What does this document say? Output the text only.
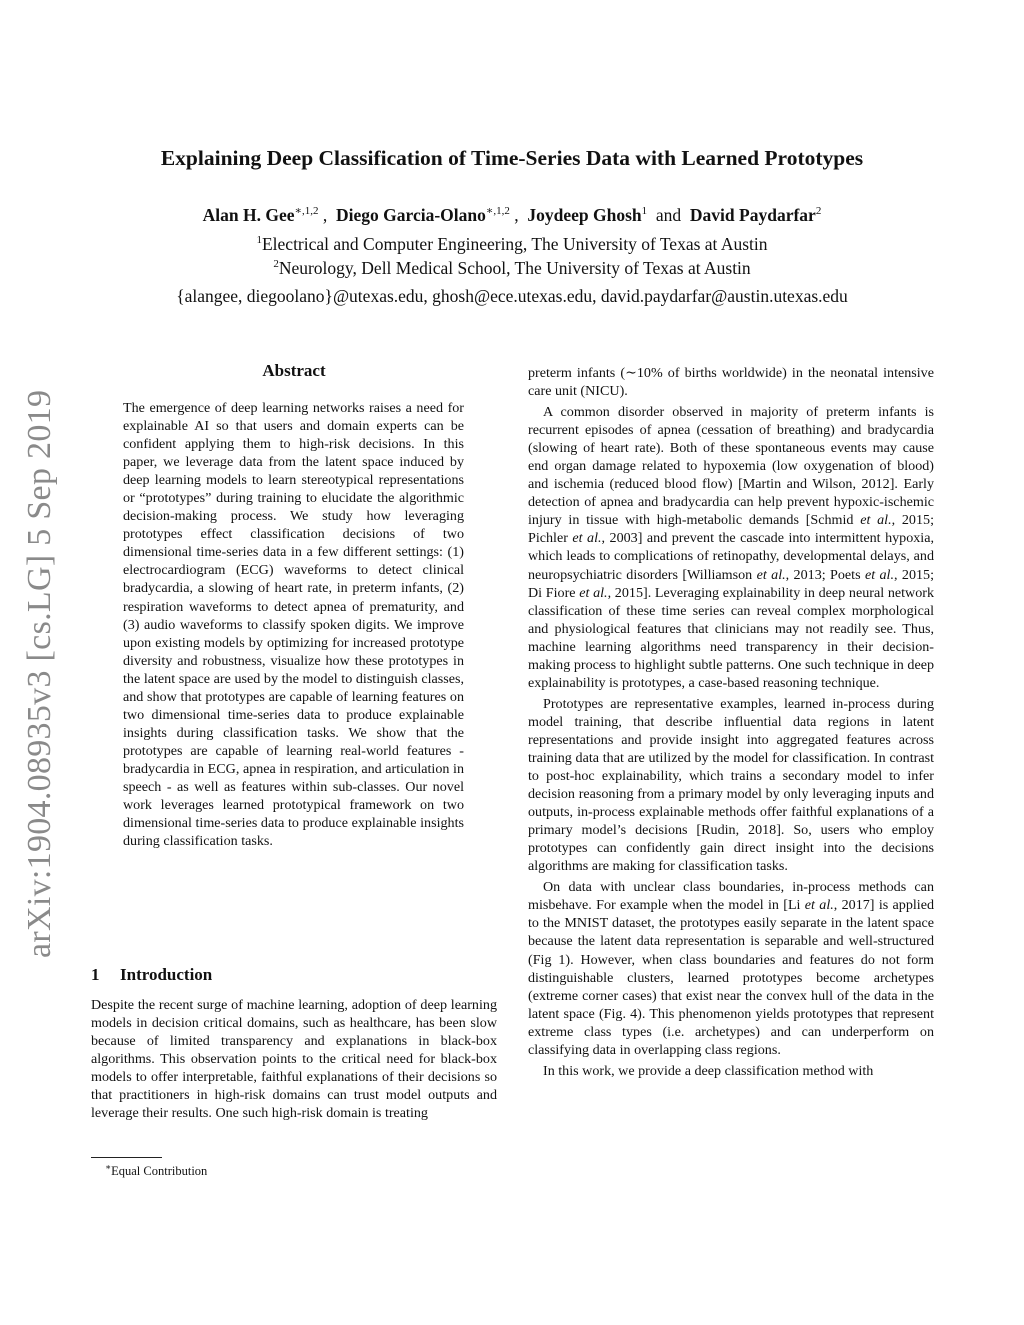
arXiv:1904.08935v3 [cs.LG] 5 Sep 2019
Explaining Deep Classification of Time-Series Data with Learned Prototypes
Alan H. Gee$^{∗,1,2}$ , Diego Garcia-Olano$^{∗,1,2}$ , Joydeep Ghosh$^1$ and David Paydarfar$^2$
$^1$Electrical and Computer Engineering, The University of Texas at Austin
$^2$Neurology, Dell Medical School, The University of Texas at Austin
{alangee, diegoolano}@utexas.edu, ghosh@ece.utexas.edu, david.paydarfar@austin.utexas.edu
Abstract
The emergence of deep learning networks raises a need for explainable AI so that users and domain experts can be confident applying them to high-risk decisions. In this paper, we leverage data from the latent space induced by deep learning models to learn stereotypical representations or “prototypes” during training to elucidate the algorithmic decision-making process. We study how leveraging prototypes effect classification decisions of two dimensional time-series data in a few different settings: (1) electrocardiogram (ECG) waveforms to detect clinical bradycardia, a slowing of heart rate, in preterm infants, (2) respiration waveforms to detect apnea of prematurity, and (3) audio waveforms to classify spoken digits. We improve upon existing models by optimizing for increased prototype diversity and robustness, visualize how these prototypes in the latent space are used by the model to distinguish classes, and show that prototypes are capable of learning features on two dimensional time-series data to produce explainable insights during classification tasks. We show that the prototypes are capable of learning real-world features - bradycardia in ECG, apnea in respiration, and articulation in speech - as well as features within sub-classes. Our novel work leverages learned prototypical framework on two dimensional time-series data to produce explainable insights during classification tasks.
1 Introduction

Despite the recent surge of machine learning, adoption of deep learning models in decision critical domains, such as healthcare, has been slow because of limited transparency and explanations in black-box algorithms. This observation points to the critical need for black-box models to offer interpretable, faithful explanations of their decisions so that practitioners in high-risk domains can trust model outputs and leverage their results. One such high-risk domain is treating

preterm infants (∼10% of births worldwide) in the neonatal intensive care unit (NICU).

A common disorder observed in majority of preterm infants is recurrent episodes of apnea (cessation of breathing) and bradycardia (slowing of heart rate). Both of these spontaneous events may cause end organ damage related to hypoxemia (low oxygenation of blood) and ischemia (reduced blood flow) [Martin and Wilson, 2012]. Early detection of apnea and bradycardia can help prevent hypoxic-ischemic injury in tissue with high-metabolic demands [Schmid et al., 2015; Pichler et al., 2003] and prevent the cascade into intermittent hypoxia, which leads to complications of retinopathy, developmental delays, and neuropsychiatric disorders [Williamson et al., 2013; Poets et al., 2015; Di Fiore et al., 2015]. Leveraging explainability in deep neural network classification of these time series can reveal complex morphological and physiological features that clinicians may not readily see. Thus, machine learning algorithms need transparency in their decision-making process to highlight subtle patterns. One such technique in deep explainability is prototypes, a case-based reasoning technique.

Prototypes are representative examples, learned in-process during model training, that describe influential data regions in latent representations and provide insight into aggregated features across training data that are utilized by the model for classification. In contrast to post-hoc explainability, which trains a secondary model to infer decision reasoning from a primary model by only leveraging inputs and outputs, in-process explainable methods offer faithful explanations of a primary model’s decisions [Rudin, 2018]. So, users who employ prototypes can confidently gain direct insight into the decisions algorithms are making for classification tasks.

On data with unclear class boundaries, in-process methods can misbehave. For example when the model in [Li et al., 2017] is applied to the MNIST dataset, the prototypes easily separate in the latent space because the latent data representation is separable and well-structured (Fig 1). However, when class boundaries and features do not form distinguishable clusters, learned prototypes become archetypes (extreme corner cases) that exist near the convex hull of the data in the latent space (Fig. 4). This phenomenon yields prototypes that represent extreme class types (i.e. archetypes) and can underperform on classifying data in overlapping class regions.

In this work, we provide a deep classification method with

∗Equal Contribution
